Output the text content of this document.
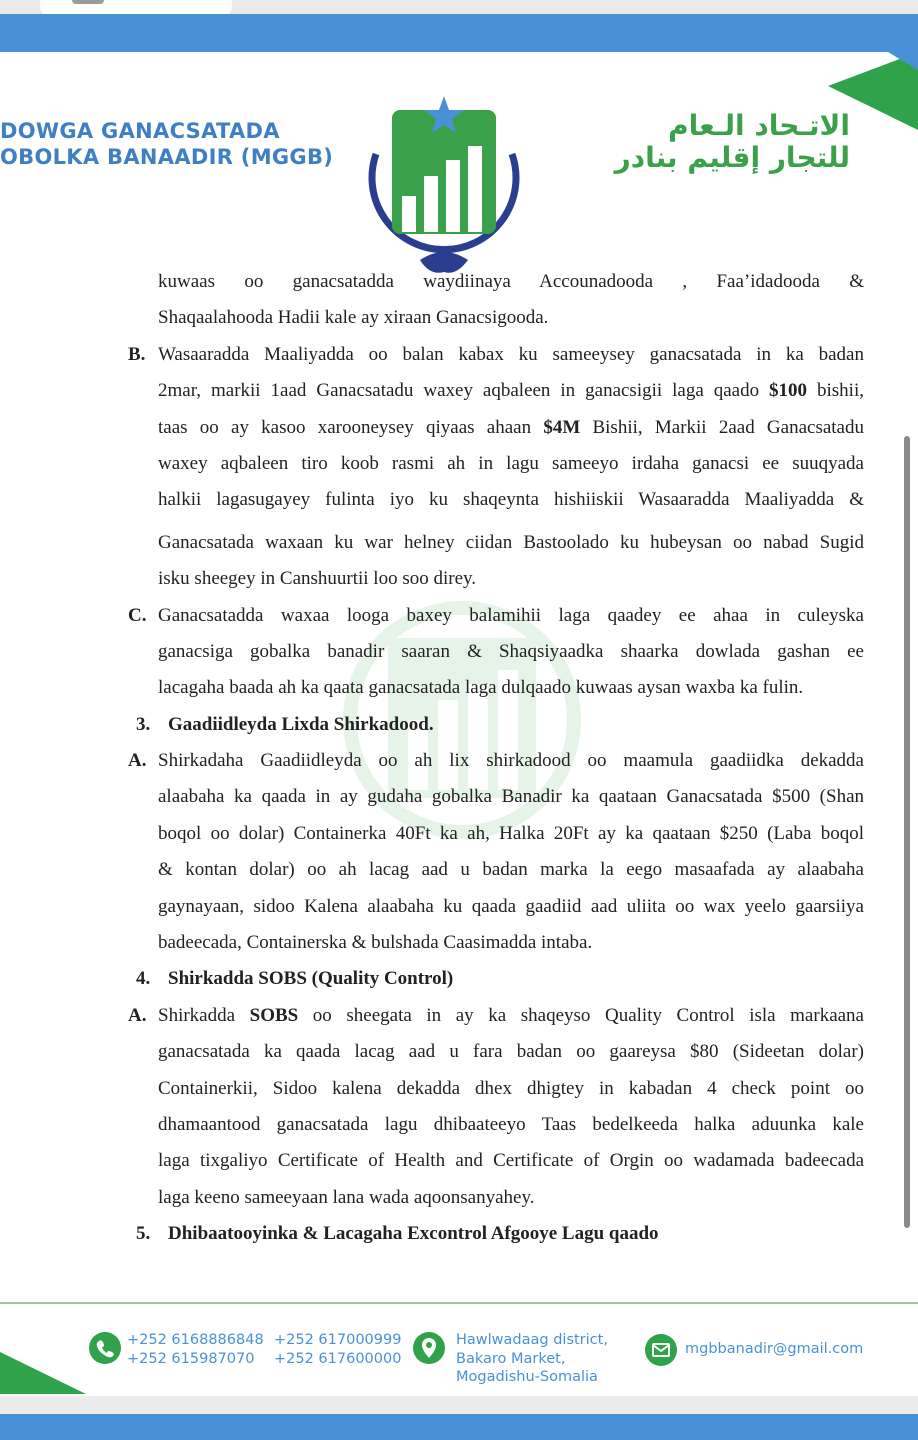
DOWGA GANACSATADA
OBOLKA BANAADIR (MGGB)
الاتـحاد الـعام
للتجار إقليم بنادر
kuwaas oo ganacsatadda waydiinaya Accounadooda , Faa’idadooda &
Shaqaalahooda Hadii kale ay xiraan Ganacsigooda.
B. Wasaaradda Maaliyadda oo balan kabax ku sameeysey ganacsatada in ka badan
2mar, markii 1aad Ganacsatadu waxey aqbaleen in ganacsigii laga qaado $100 bishii,
taas oo ay kasoo xarooneysey qiyaas ahaan $4M Bishii, Markii 2aad Ganacsatadu
waxey aqbaleen tiro koob rasmi ah in lagu sameeyo irdaha ganacsi ee suuqyada
halkii lagasugayey fulinta iyo ku shaqeynta hishiiskii Wasaaradda Maaliyadda &
Ganacsatada waxaan ku war helney ciidan Bastoolado ku hubeysan oo nabad Sugid
isku sheegey in Canshuurtii loo soo direy.
C. Ganacsatadda waxaa looga baxey balamihii laga qaadey ee ahaa in culeyska
ganacsiga gobalka banadir saaran & Shaqsiyaadka shaarka dowlada gashan ee
lacagaha baada ah ka qaata ganacsatada laga dulqaado kuwaas aysan waxba ka fulin.
3. Gaadiidleyda Lixda Shirkadood.
A. Shirkadaha Gaadiidleyda oo ah lix shirkadood oo maamula gaadiidka dekadda
alaabaha ka qaada in ay gudaha gobalka Banadir ka qaataan Ganacsatada $500 (Shan
boqol oo dolar) Containerka 40Ft ka ah, Halka 20Ft ay ka qaataan $250 (Laba boqol
& kontan dolar) oo ah lacag aad u badan marka la eego masaafada ay alaabaha
gaynayaan, sidoo Kalena alaabaha ku qaada gaadiid aad uliita oo wax yeelo gaarsiiya
badeecada, Containerska & bulshada Caasimadda intaba.
4. Shirkadda SOBS (Quality Control)
A. Shirkadda SOBS oo sheegata in ay ka shaqeyso Quality Control isla markaana
ganacsatada ka qaada lacag aad u fara badan oo gaareysa $80 (Sideetan dolar)
Containerkii, Sidoo kalena dekadda dhex dhigtey in kabadan 4 check point oo
dhamaantood ganacsatada lagu dhibaateeyo Taas bedelkeeda halka aduunka kale
laga tixgaliyo Certificate of Health and Certificate of Orgin oo wadamada badeecada
laga keeno sameeyaan lana wada aqoonsanyahey.
5. Dhibaatooyinka & Lacagaha Excontrol Afgooye Lagu qaado
+252 6168886848 +252 617000999
+252 615987070 +252 617600000
Hawlwadaag district,
Bakaro Market,
Mogadishu-Somalia
mgbbanadir@gmail.com
